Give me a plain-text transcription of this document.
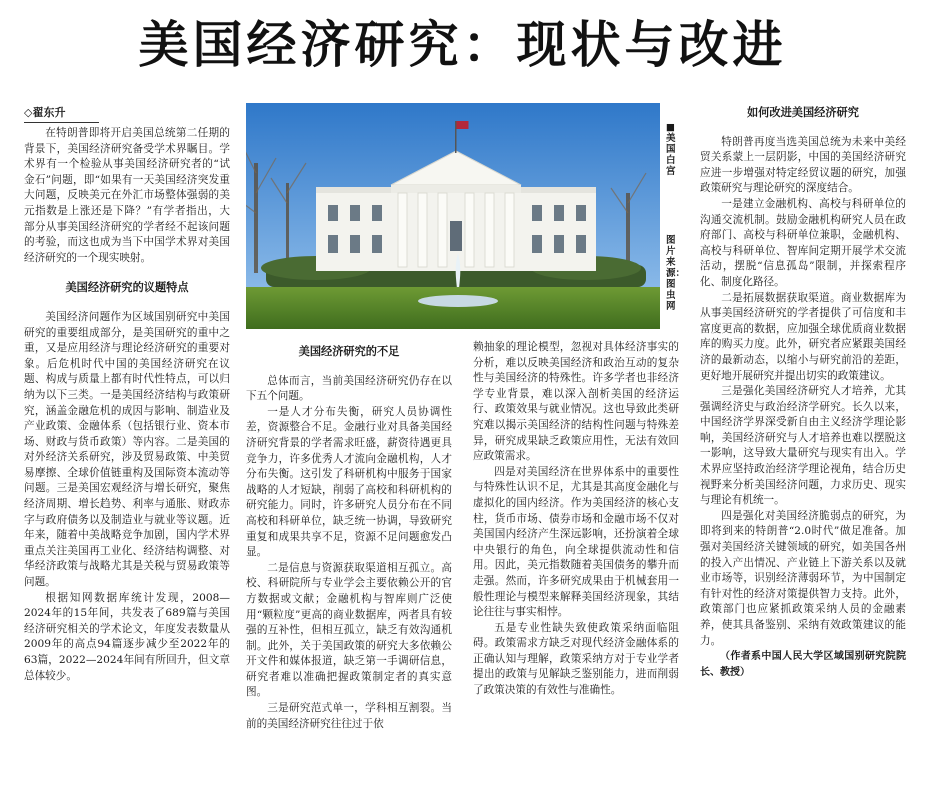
美国经济研究：现状与改进
◇翟东升

在特朗普即将开启美国总统第二任期的背景下，美国经济研究备受学术界瞩目。学术界有一个检验从事美国经济研究者的“试金石”问题，即“如果有一天美国经济突发重大问题，反映美元在外汇市场整体强弱的美元指数是上涨还是下降？”有学者指出，大部分从事美国经济研究的学者经不起该问题的考验，而这也成为当下中国学术界对美国经济研究的一个现实映射。

美国经济研究的议题特点

美国经济问题作为区域国别研究中美国研究的重要组成部分，是美国研究的重中之重，又是应用经济与理论经济研究的重要对象。后危机时代中国的美国经济研究在议题、构成与质量上都有时代性特点，可以归纳为以下三类。一是美国经济结构与政策研究，涵盖金融危机的成因与影响、制造业及产业政策、金融体系（包括银行业、资本市场、财政与货币政策）等内容。二是美国的对外经济关系研究，涉及贸易政策、中美贸易摩擦、全球价值链重构及国际资本流动等问题。三是美国宏观经济与增长研究，聚焦经济周期、增长趋势、利率与通胀、财政赤字与政府债务以及制造业与就业等议题。近年来，随着中美战略竞争加剧，国内学术界重点关注美国再工业化、经济结构调整、对华经济政策与战略尤其是关税与贸易政策等问题。

根据知网数据库统计发现，2008—2024年的15年间，共发表了689篇与美国经济研究相关的学术论文，年度发表数量从2009年的高点94篇逐步减少至2022年的63篇，2022—2024年间有所回升，但文章总体较少。

■美国白宫
图片来源：图虫网

美国经济研究的不足

总体而言，当前美国经济研究仍存在以下五个问题。

一是人才分布失衡，研究人员协调性差，资源整合不足。金融行业对具备美国经济研究背景的学者需求旺盛，薪资待遇更具竞争力，许多优秀人才流向金融机构，人才分布失衡。这引发了科研机构中服务于国家战略的人才短缺，削弱了高校和科研机构的研究能力。同时，许多研究人员分布在不同高校和科研单位，缺乏统一协调，导致研究重复和成果共享不足，资源不足问题愈发凸显。

二是信息与资源获取渠道相互孤立。高校、科研院所与专业学会主要依赖公开的官方数据或文献；金融机构与智库则广泛使用“颗粒度”更高的商业数据库，两者具有较强的互补性，但相互孤立，缺乏有效沟通机制。此外，关于美国政策的研究大多依赖公开文件和媒体报道，缺乏第一手调研信息，研究者难以准确把握政策制定者的真实意图。

三是研究范式单一，学科相互割裂。当前的美国经济研究往往过于依

赖抽象的理论模型，忽视对具体经济事实的分析，难以反映美国经济和政治互动的复杂性与美国经济的特殊性。许多学者也非经济学专业背景，难以深入剖析美国的经济运行、政策效果与就业情况。这也导致此类研究难以揭示美国经济的结构性问题与特殊差异，研究成果缺乏政策应用性，无法有效回应政策需求。

四是对美国经济在世界体系中的重要性与特殊性认识不足，尤其是其高度金融化与虚拟化的国内经济。作为美国经济的核心支柱，货币市场、债券市场和金融市场不仅对美国国内经济产生深远影响，还扮演着全球中央银行的角色，向全球提供流动性和信用。因此，美元指数随着美国债务的攀升而走强。然而，许多研究成果由于机械套用一般性理论与模型来解释美国经济现象，其结论往往与事实相悖。

五是专业性缺失致使政策采纳面临阻碍。政策需求方缺乏对现代经济金融体系的正确认知与理解，政策采纳方对于专业学者提出的政策与见解缺乏鉴别能力，进而削弱了政策决策的有效性与准确性。

如何改进美国经济研究

特朗普再度当选美国总统为未来中美经贸关系蒙上一层阴影，中国的美国经济研究应进一步增强对特定经贸议题的研究，加强政策研究与理论研究的深度结合。

一是建立金融机构、高校与科研单位的沟通交流机制。鼓励金融机构研究人员在政府部门、高校与科研单位兼职，金融机构、高校与科研单位、智库间定期开展学术交流活动，摆脱“信息孤岛”限制，并探索程序化、制度化路径。

二是拓展数据获取渠道。商业数据库为从事美国经济研究的学者提供了可信度和丰富度更高的数据，应加强全球优质商业数据库的购买力度。此外，研究者应紧跟美国经济的最新动态，以缩小与研究前沿的差距，更好地开展研究并提出切实的政策建议。

三是强化美国经济研究人才培养，尤其强调经济史与政治经济学研究。长久以来，中国经济学界深受新自由主义经济学理论影响，美国经济研究与人才培养也难以摆脱这一影响，这导致大量研究与现实有出入。学术界应坚持政治经济学理论视角，结合历史视野来分析美国经济问题，力求历史、现实与理论有机统一。

四是强化对美国经济脆弱点的研究，为即将到来的特朗普“2.0时代”做足准备。加强对美国经济关键领域的研究，如美国各州的投入产出情况、产业链上下游关系以及就业市场等，识别经济薄弱环节，为中国制定有针对性的经济对策提供智力支持。此外，政策部门也应紧抓政策采纳人员的金融素养，使其具备鉴别、采纳有效政策建议的能力。

（作者系中国人民大学区域国别研究院院长、教授）
